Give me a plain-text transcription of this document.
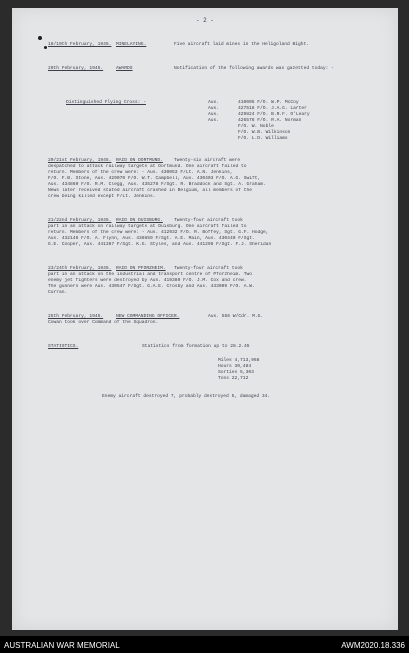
- 2 -
18/19th February, 1945. MINELAYING.	Five aircraft laid mines in the Heligoland Bight.
20th February, 1945.	AWARDS	Notification of the following awards was gazetted today: -
Distinguished Flying Cross: -	Aus.	410005 F/O. W.P. McCoy
Aus.	427518 F/O. J.A.G. Larter
Aus.	429824 F/O. B.R.F. O'Leary
Aus.	426576 F/O. R.A. Norman
F/O. W. Noble
F/O. W.B. Wilkinson
F/O. L.D. Williams
20/21st February, 1945. RAID ON DORTMUND.	Twenty-six aircraft were
despatched to attack railway targets at Dortmund. One aircraft failed to
return. Members of the crew were: - Aus. 430053 F/Lt. A.N. Jenkins,
F/O. F.B. Stone, Aus. 429070 F/O. W.T. Campbell, Aus. 430403 F/O. A.G. Swift,
Aus. 434860 F/O. R.M. Clegg, Aus. 435278 F/Sgt. R. Braddock and Sgt. A. Graham.
News later received stated aircraft crashed in Belgium, all members of the
crew being killed except F/Lt. Jenkins.
21/22nd February, 1945. RAID ON DUISBURG.	Twenty-four aircraft took
part in an attack on railway targets at Duisburg. One aircraft failed to
return. Members of the crew were: - Aus. 412932 F/O. R. Boffey, Sgt. G.F. Hodge,
Aus. 432146 F/O. A. Flynn, Aus. 436659 F/Sgt. A.E. Main, Aus. 430440 F/Sgt.
G.E. Cooper, Aus. 441367 F/Sgt. K.G. Styles, and Aus. 441298 F/Sgt. F.J. Sheridan
23/24th February, 1945. RAID ON PFORZHEIM.	Twenty-four aircraft took
part in an attack on the industrial and transport centre of Pforzheim. Two
enemy jet fighters were destroyed by Aus. 419380 F/O. J.M. Cox and crew.
The gunners were Aus. 430547 F/Sgt. G.A.E. Crosby and Aus. 433009 F/O. A.W.
Curran.
25th February, 1945.	NEW COMMANDING OFFICER.	Aus. 556 W/Cdr. M.G.
Cowan took over Command of the Squadron.
STATISTICS.	Statistics from formation up to 28.2.45
Miles 4,713,968
Hours 30,484
Sorties 5,303
Tons 22,712
Enemy aircraft destroyed 7, probably destroyed 5, damaged 34.
AUSTRALIAN WAR MEMORIAL	AWM2020.18.336
